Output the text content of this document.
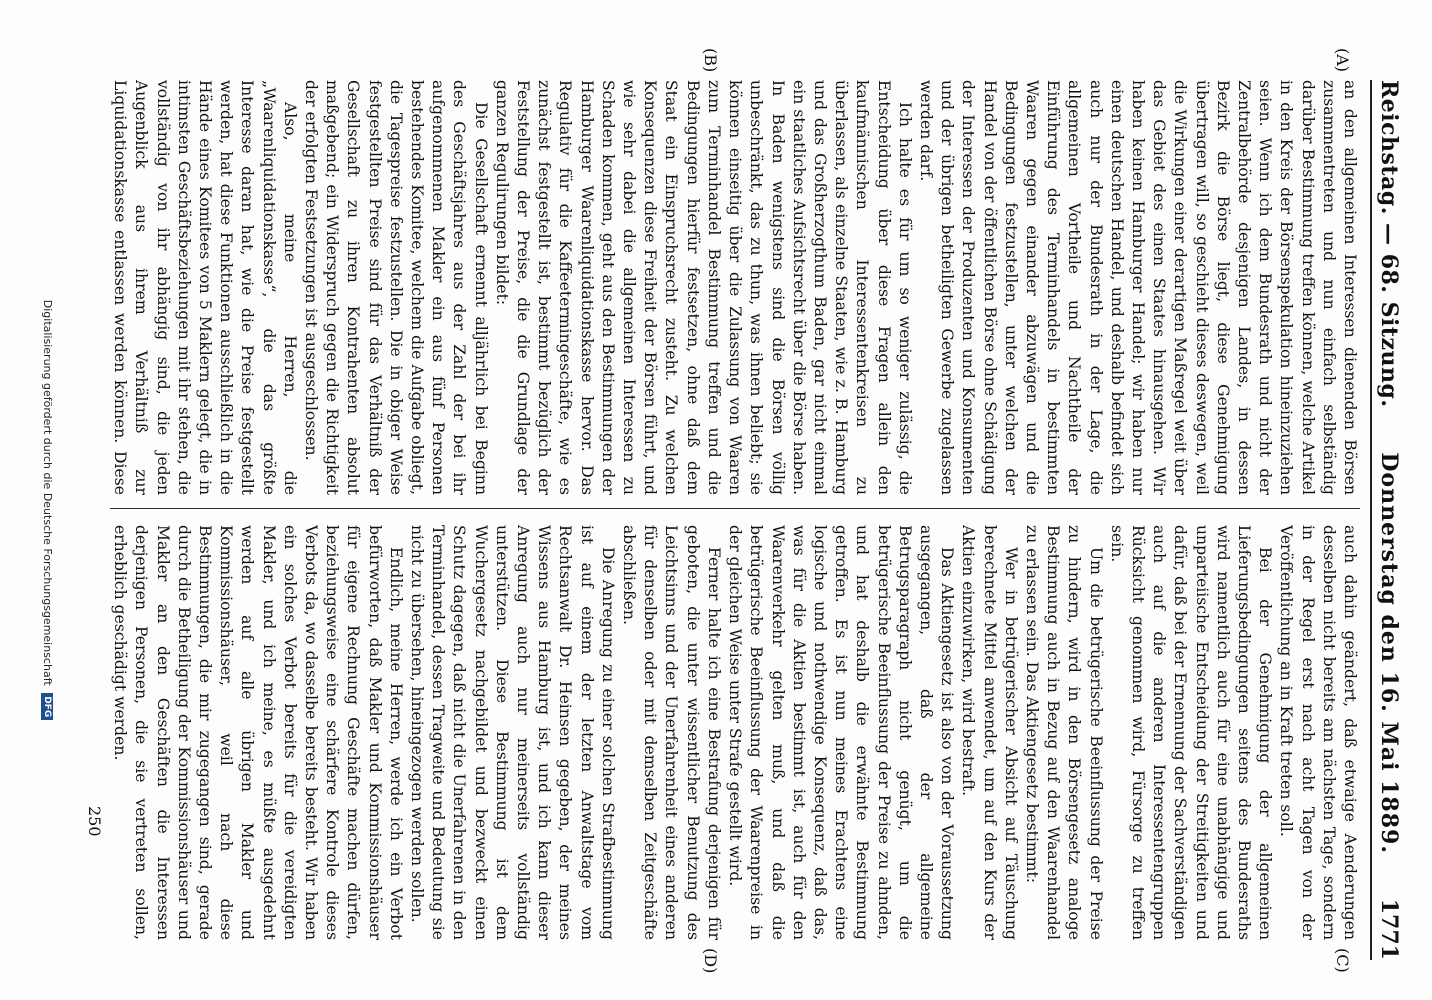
Reichstag. — 68. Sitzung.
Donnerstag den 16. Mai 1889.
1771
(A)
(B)
(C)
(D)

an den allgemeinen Interessen dienenden Börsen zusammentreten und nun einfach selbständig darüber Bestimmung treffen können, welche Artikel in den Kreis der Börsenspekulation hineinzuziehen seien. Wenn ich dem Bundesrath und nicht der Zentralbehörde desjenigen Landes, in dessen Bezirk die Börse liegt, diese Genehmigung übertragen will, so geschieht dieses deswegen, weil die Wirkungen einer derartigen Maßregel weit über das Gebiet des einen Staates hinausgehen. Wir haben keinen Hamburger Handel; wir haben nur einen deutschen Handel, und deshalb befindet sich auch nur der Bundesrath in der Lage, die allgemeinen Vortheile und Nachtheile der Einführung des Terminhandels in bestimmten Waaren gegen einander abzuwägen und die Bedingungen festzustellen, unter welchen der Handel von der öffentlichen Börse ohne Schädigung der Interessen der Produzenten und Konsumenten und der übrigen betheiligten Gewerbe zugelassen werden darf.

Ich halte es für um so weniger zulässig, die Entscheidung über diese Fragen allein den kaufmännischen Interessentenkreisen zu überlassen, als einzelne Staaten, wie z. B. Hamburg und das Großherzogthum Baden, gar nicht einmal ein staatliches Aufsichtsrecht über die Börse haben. In Baden wenigstens sind die Börsen völlig unbeschränkt, das zu thun, was ihnen beliebt; sie können einseitig über die Zulassung von Waaren zum Terminhandel Bestimmung treffen und die Bedingungen hierfür festsetzen, ohne daß dem Staat ein Einspruchsrecht zusteht. Zu welchen Konsequenzen diese Freiheit der Börsen führt, und wie sehr dabei die allgemeinen Interessen zu Schaden kommen, geht aus den Bestimmungen der Hamburger Waarenliquidationskasse hervor. Das Regulativ für die Kaffeetermingeschäfte, wie es zunächst festgestellt ist, bestimmt bezüglich der Feststellung der Preise, die die Grundlage der ganzen Regulirungen bildet:

Die Gesellschaft ernennt alljährlich bei Beginn des Geschäftsjahres aus der Zahl der bei ihr aufgenommenen Makler ein aus fünf Personen bestehendes Komitee, welchem die Aufgabe obliegt, die Tagespreise festzustellen. Die in obiger Weise festgestellten Preise sind für das Verhältniß der Gesellschaft zu ihren Kontrahenten absolut maßgebend; ein Widerspruch gegen die Richtigkeit der erfolgten Festsetzungen ist ausgeschlossen.

Also, meine Herren, die „Waarenliquidationskasse“, die das größte Interesse daran hat, wie die Preise festgestellt werden, hat diese Funktionen ausschließlich in die Hände eines Komitees von 5 Maklern gelegt, die in intimsten Geschäftsbeziehungen mit ihr stehen, die vollständig von ihr abhängig sind, die jeden Augenblick aus ihrem Verhältniß zur Liquidationskasse entlassen werden können. Diese

auch dahin geändert, daß etwaige Aenderungen desselben nicht bereits am nächsten Tage, sondern in der Regel erst nach acht Tagen von der Veröffentlichung an in Kraft treten soll.

Bei der Genehmigung der allgemeinen Lieferungsbedingungen seitens des Bundesraths wird namentlich auch für eine unabhängige und unparteiische Entscheidung der Streitigkeiten und dafür, daß bei der Ernennung der Sachverständigen auch auf die anderen Interessentengruppen Rücksicht genommen wird, Fürsorge zu treffen sein.

Um die betrügerische Beeinflussung der Preise zu hindern, wird in den Börsengesetz analoge Bestimmung auch in Bezug auf den Waarenhandel zu erlassen sein. Das Aktiengesetz bestimmt:

Wer in betrügerischer Absicht auf Täuschung berechnete Mittel anwendet, um auf den Kurs der Aktien einzuwirken, wird bestraft.

Das Aktiengesetz ist also von der Voraussetzung ausgegangen, daß der allgemeine Betrugsparagraph nicht genügt, um die betrügerische Beeinflussung der Preise zu ahnden, und hat deshalb die erwähnte Bestimmung getroffen. Es ist nun meines Erachtens eine logische und nothwendige Konsequenz, daß das, was für die Aktien bestimmt ist, auch für den Waarenverkehr gelten muß, und daß die betrügerische Beeinflussung der Waarenpreise in der gleichen Weise unter Strafe gestellt wird.

Ferner halte ich eine Bestrafung derjenigen für geboten, die unter wissentlicher Benutzung des Leichtsinns und der Unerfahrenheit eines anderen für denselben oder mit demselben Zeitgeschäfte abschließen.

Die Anregung zu einer solchen Strafbestimmung ist auf einem der letzten Anwaltstage vom Rechtsanwalt Dr. Heinsen gegeben, der meines Wissens aus Hamburg ist, und ich kann dieser Anregung auch nur meinerseits vollständig unterstützen. Diese Bestimmung ist dem Wuchergesetz nachgebildet und bezweckt einen Schutz dagegen, daß nicht die Unerfahrenen in den Terminhandel, dessen Tragweite und Bedeutung sie nicht zu übersehen, hineingezogen werden sollen.

Endlich, meine Herren, werde ich ein Verbot befürworten, daß Makler und Kommissionshäuser für eigene Rechnung Geschäfte machen dürfen, beziehungsweise eine schärfere Kontrole dieses Verbots da, wo dasselbe bereits besteht. Wir haben ein solches Verbot bereits für die vereidigten Makler, und ich meine, es müßte ausgedehnt werden auf alle übrigen Makler und Kommissionshäuser, weil nach diese Bestimmungen, die mir zugegangen sind, gerade durch die Betheiligung der Kommissionshäuser und Makler an den Geschäften die Interessen derjenigen Personen, die sie vertreten sollen, erheblich geschädigt werden.

250
Digitalisierung gefördert durch die Deutsche Forschungsgemeinschaft DFG
